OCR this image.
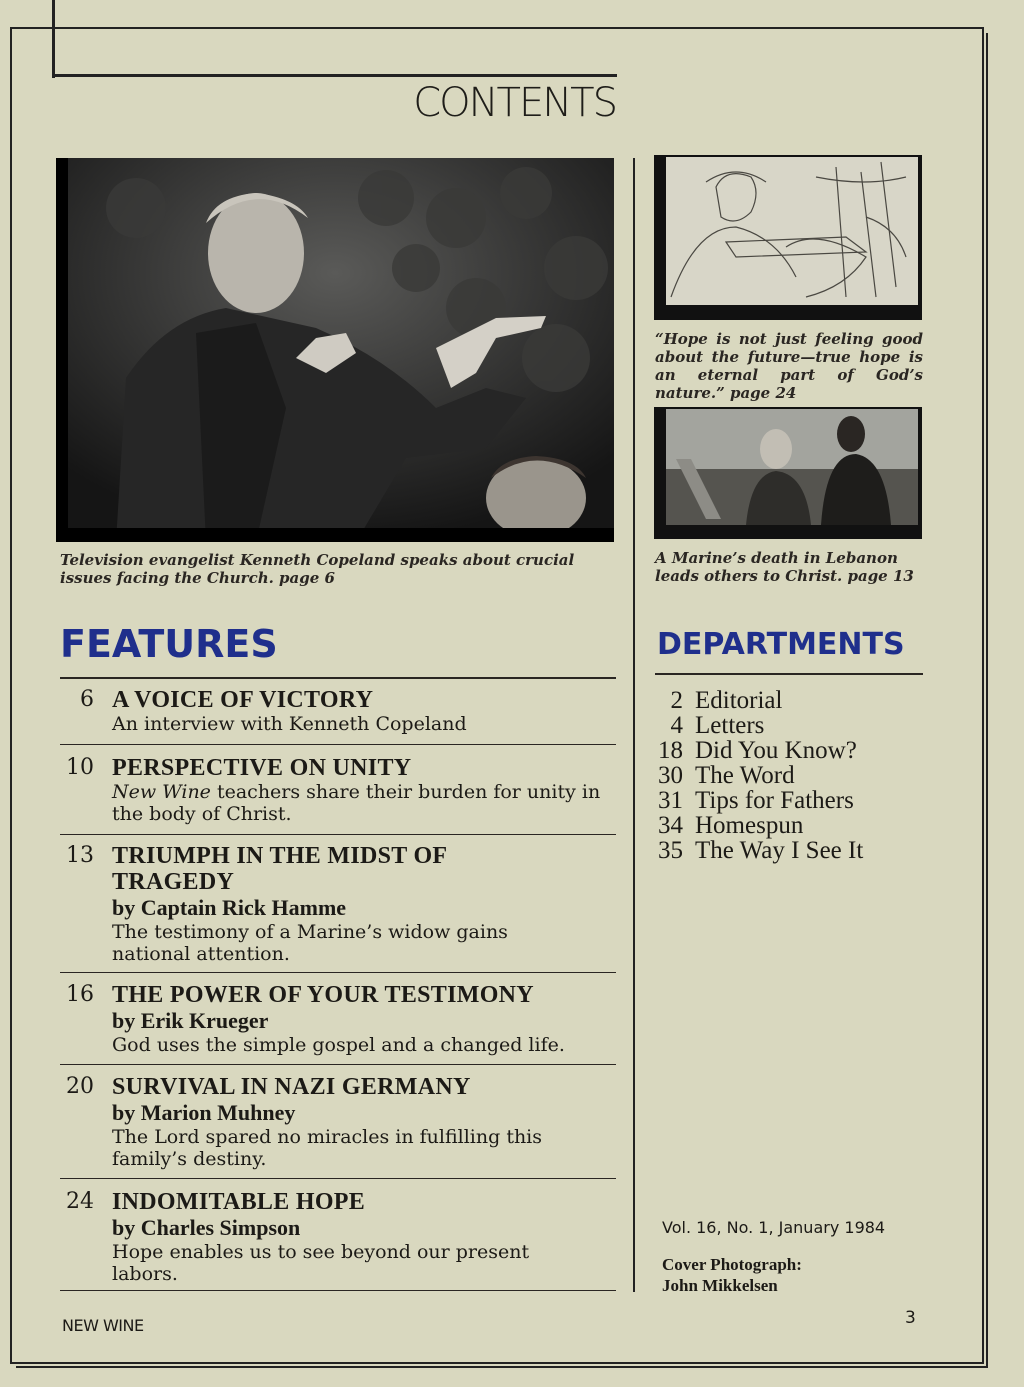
CONTENTS
Television evangelist Kenneth Copeland speaks about crucial issues facing the Church. page 6
“Hope is not just feeling good about the future—true hope is an eternal part of God’s nature.” page 24
A Marine’s death in Lebanon leads others to Christ. page 13
FEATURES
6 A VOICE OF VICTORY
An interview with Kenneth Copeland
10 PERSPECTIVE ON UNITY
New Wine teachers share their burden for unity in the body of Christ.
13 TRIUMPH IN THE MIDST OF TRAGEDY
by Captain Rick Hamme
The testimony of a Marine’s widow gains national attention.
16 THE POWER OF YOUR TESTIMONY
by Erik Krueger
God uses the simple gospel and a changed life.
20 SURVIVAL IN NAZI GERMANY
by Marion Muhney
The Lord spared no miracles in fulfilling this family’s destiny.
24 INDOMITABLE HOPE
by Charles Simpson
Hope enables us to see beyond our present labors.
DEPARTMENTS
2 Editorial
4 Letters
18 Did You Know?
30 The Word
31 Tips for Fathers
34 Homespun
35 The Way I See It
Vol. 16, No. 1, January 1984
Cover Photograph:
John Mikkelsen
NEW WINE	3
